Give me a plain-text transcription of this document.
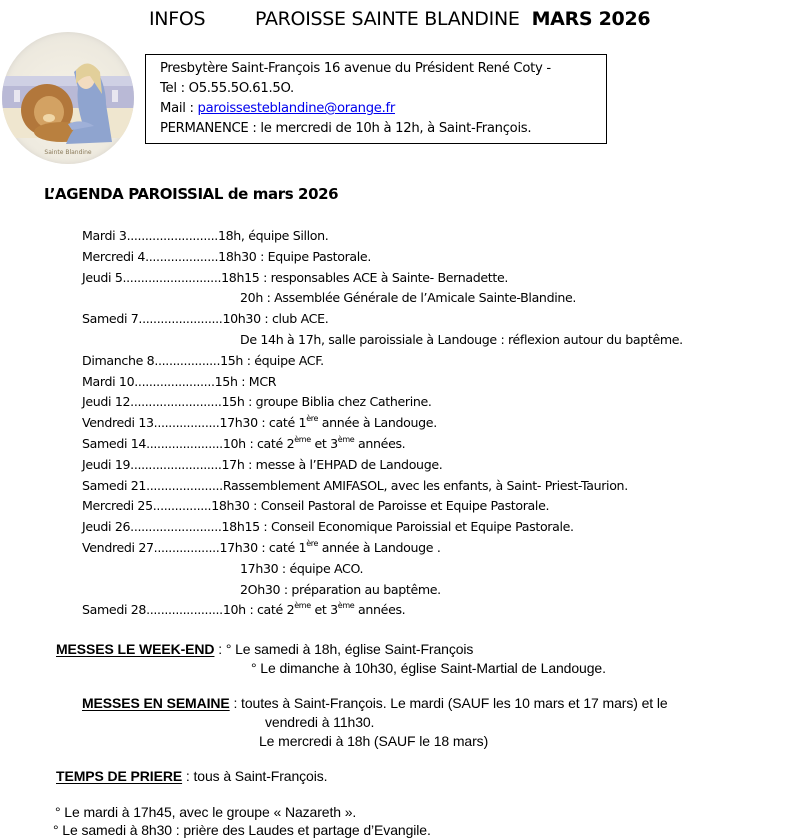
INFOS	PAROISSE SAINTE BLANDINE MARS 2026
Sainte Blandine
Presbytère Saint-François 16 avenue du Président René Coty -
Tel : O5.55.5O.61.5O.
Mail : paroissesteblandine@orange.fr
PERMANENCE : le mercredi de 10h à 12h, à Saint-François.
L’AGENDA PAROISSIAL de mars 2026
Mardi 3.........................18h, équipe Sillon.
Mercredi 4....................18h30 : Equipe Pastorale.
Jeudi 5...........................18h15 : responsables ACE à Sainte- Bernadette.
20h : Assemblée Générale de l’Amicale Sainte-Blandine.
Samedi 7.......................10h30 : club ACE.
De 14h à 17h, salle paroissiale à Landouge : réflexion autour du baptême.
Dimanche 8..................15h : équipe ACF.
Mardi 10......................15h : MCR
Jeudi 12.........................15h : groupe Biblia chez Catherine.
Vendredi 13..................17h30 : caté 1ère année à Landouge.
Samedi 14.....................10h : caté 2ème et 3ème années.
Jeudi 19.........................17h : messe à l’EHPAD de Landouge.
Samedi 21.....................Rassemblement AMIFASOL, avec les enfants, à Saint- Priest-Taurion.
Mercredi 25................18h30 : Conseil Pastoral de Paroisse et Equipe Pastorale.
Jeudi 26.........................18h15 : Conseil Economique Paroissial et Equipe Pastorale.
Vendredi 27..................17h30 : caté 1ère année à Landouge .
17h30 : équipe ACO.
2Oh30 : préparation au baptême.
Samedi 28.....................10h : caté 2ème et 3ème années.
MESSES LE WEEK-END : ° Le samedi à 18h, église Saint-François
° Le dimanche à 10h30, église Saint-Martial de Landouge.
MESSES EN SEMAINE : toutes à Saint-François. Le mardi (SAUF les 10 mars et 17 mars) et le
vendredi à 11h30.
Le mercredi à 18h (SAUF le 18 mars)
TEMPS DE PRIERE : tous à Saint-François.
° Le mardi à 17h45, avec le groupe « Nazareth ».
° Le samedi à 8h30 : prière des Laudes et partage d’Evangile.
